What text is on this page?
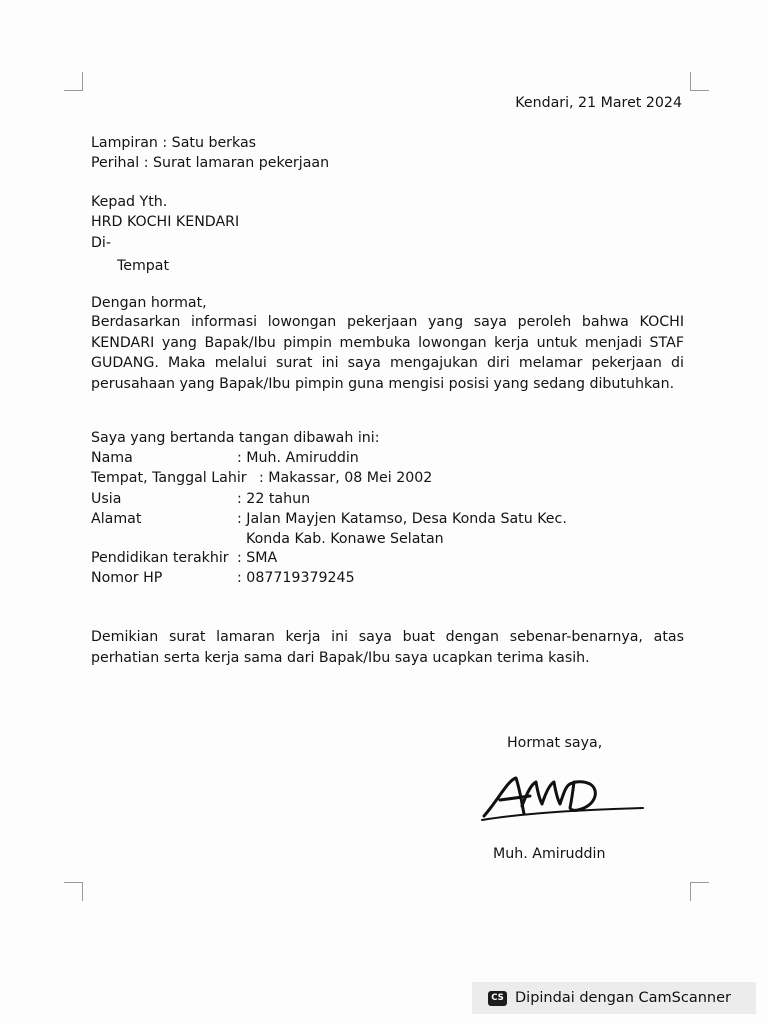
Kendari, 21 Maret 2024
Lampiran : Satu berkas
Perihal : Surat lamaran pekerjaan
Kepad Yth.
HRD KOCHI KENDARI
Di-
Tempat
Dengan hormat,
Berdasarkan informasi lowongan pekerjaan yang saya peroleh bahwa KOCHI KENDARI yang Bapak/Ibu pimpin membuka lowongan kerja untuk menjadi STAF GUDANG. Maka melalui surat ini saya mengajukan diri melamar pekerjaan di perusahaan yang Bapak/Ibu pimpin guna mengisi posisi yang sedang dibutuhkan.
Saya yang bertanda tangan dibawah ini:
Nama	: Muh. Amiruddin
Tempat, Tanggal Lahir : Makassar, 08 Mei 2002
Usia	: 22 tahun
Alamat	: Jalan Mayjen Katamso, Desa Konda Satu Kec.
Konda Kab. Konawe Selatan
Pendidikan terakhir : SMA
Nomor HP	: 087719379245
Demikian surat lamaran kerja ini saya buat dengan sebenar-benarnya, atas perhatian serta kerja sama dari Bapak/Ibu saya ucapkan terima kasih.
Hormat saya,
Muh. Amiruddin
CS Dipindai dengan CamScanner
